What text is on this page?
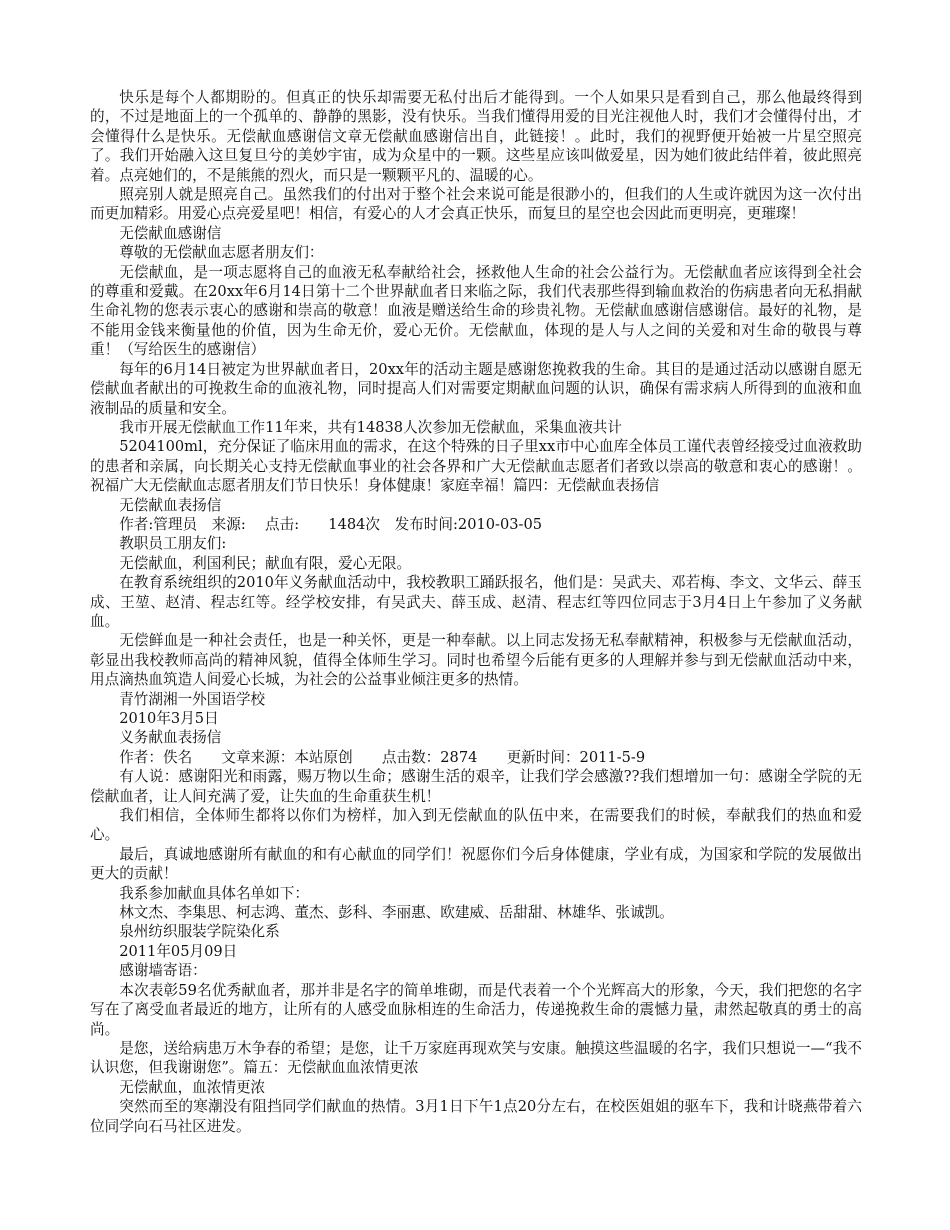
快乐是每个人都期盼的。但真正的快乐却需要无私付出后才能得到。一个人如果只是看到自己，那么他最终得到的，不过是地面上的一个孤单的、静静的黑影，没有快乐。当我们懂得用爱的目光注视他人时，我们才会懂得付出，才会懂得什么是快乐。无偿献血感谢信文章无偿献血感谢信出自，此链接！。此时，我们的视野便开始被一片星空照亮了。我们开始融入这旦复旦兮的美妙宇宙，成为众星中的一颗。这些星应该叫做爱星，因为她们彼此结伴着，彼此照亮着。点亮她们的，不是熊熊的烈火，而只是一颗颗平凡的、温暖的心。

照亮别人就是照亮自己。虽然我们的付出对于整个社会来说可能是很渺小的，但我们的人生或许就因为这一次付出而更加精彩。用爱心点亮爱星吧！相信，有爱心的人才会真正快乐，而复旦的星空也会因此而更明亮，更璀璨！

无偿献血感谢信

尊敬的无偿献血志愿者朋友们：

无偿献血，是一项志愿将自己的血液无私奉献给社会，拯救他人生命的社会公益行为。无偿献血者应该得到全社会的尊重和爱戴。在20xx年6月14日第十二个世界献血者日来临之际，我们代表那些得到输血救治的伤病患者向无私捐献生命礼物的您表示衷心的感谢和崇高的敬意！血液是赠送给生命的珍贵礼物。无偿献血感谢信感谢信。最好的礼物，是不能用金钱来衡量他的价值，因为生命无价，爱心无价。无偿献血，体现的是人与人之间的关爱和对生命的敬畏与尊重！（写给医生的感谢信）

每年的6月14日被定为世界献血者日，20xx年的活动主题是感谢您挽救我的生命。其目的是通过活动以感谢自愿无偿献血者献出的可挽救生命的血液礼物，同时提高人们对需要定期献血问题的认识，确保有需求病人所得到的血液和血液制品的质量和安全。

我市开展无偿献血工作11年来，共有14838人次参加无偿献血，采集血液共计

5204100ml，充分保证了临床用血的需求，在这个特殊的日子里xx市中心血库全体员工谨代表曾经接受过血液救助的患者和亲属，向长期关心支持无偿献血事业的社会各界和广大无偿献血志愿者们者致以崇高的敬意和衷心的感谢！。祝福广大无偿献血志愿者朋友们节日快乐！身体健康！家庭幸福！篇四：无偿献血表扬信

无偿献血表扬信

作者:管理员　来源:　 点击:　　1484次　发布时间:2010-03-05

教职员工朋友们:

无偿献血，利国利民；献血有限，爱心无限。

在教育系统组织的2010年义务献血活动中，我校教职工踊跃报名，他们是：吴武夫、邓若梅、李文、文华云、薛玉成、王堃、赵清、程志红等。经学校安排，有吴武夫、薛玉成、赵清、程志红等四位同志于3月4日上午参加了义务献血。

无偿鲜血是一种社会责任，也是一种关怀，更是一种奉献。以上同志发扬无私奉献精神，积极参与无偿献血活动，彰显出我校教师高尚的精神风貌，值得全体师生学习。同时也希望今后能有更多的人理解并参与到无偿献血活动中来，用点滴热血筑造人间爱心长城，为社会的公益事业倾注更多的热情。

青竹湖湘一外国语学校

2010年3月5日

义务献血表扬信

作者：佚名　　文章来源：本站原创　　点击数：2874　　更新时间：2011-5-9

有人说：感谢阳光和雨露，赐万物以生命；感谢生活的艰辛，让我们学会感激??我们想增加一句：感谢全学院的无偿献血者，让人间充满了爱，让失血的生命重获生机！

我们相信，全体师生都将以你们为榜样，加入到无偿献血的队伍中来，在需要我们的时候，奉献我们的热血和爱心。

最后，真诚地感谢所有献血的和有心献血的同学们！祝愿你们今后身体健康，学业有成，为国家和学院的发展做出更大的贡献！

我系参加献血具体名单如下：

林文杰、李集思、柯志鸿、董杰、彭科、李丽惠、欧建威、岳甜甜、林雄华、张诚凯。

泉州纺织服装学院染化系

2011年05月09日

感谢墙寄语：

本次表彰59名优秀献血者，那并非是名字的简单堆砌，而是代表着一个个光辉高大的形象，今天，我们把您的名字写在了离受血者最近的地方，让所有的人感受血脉相连的生命活力，传递挽救生命的震憾力量，肃然起敬真的勇士的高尚。

是您，送给病患万木争春的希望；是您，让千万家庭再现欢笑与安康。触摸这些温暖的名字，我们只想说一—“我不认识您，但我谢谢您”。篇五：无偿献血血浓情更浓

无偿献血，血浓情更浓

突然而至的寒潮没有阻挡同学们献血的热情。3月1日下午1点20分左右，在校医姐姐的驱车下，我和计晓燕带着六位同学向石马社区进发。
